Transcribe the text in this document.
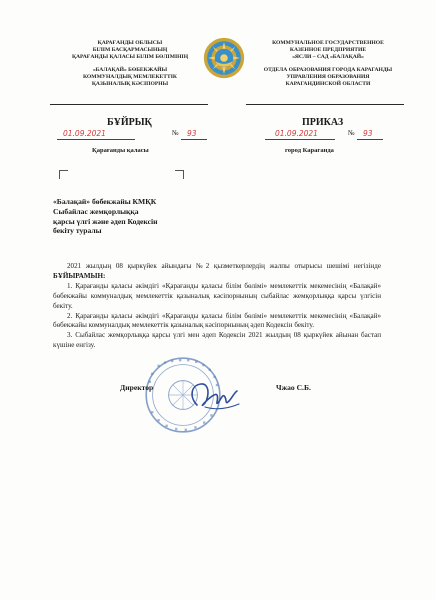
ҚАРАҒАНДЫ ОБЛЫСЫ
БІЛІМ БАСҚАРМАСЫНЫҢ
ҚАРАҒАНДЫ ҚАЛАСЫ БІЛІМ БӨЛІМІНІҢ
«БАЛАҚАЙ» БӨБЕКЖАЙЫ
КОММУНАЛДЫҚ МЕМЛЕКЕТТІК
ҚАЗЫНАЛЫҚ КӘСІПОРНЫ
КОММУНАЛЬНОЕ ГОСУДАРСТВЕННОЕ
КАЗЕННОЕ ПРЕДПРИЯТИЕ
«ЯСЛИ – САД «БАЛАҚАЙ»
ОТДЕЛА ОБРАЗОВАНИЯ ГОРОДА КАРАГАНДЫ
УПРАВЛЕНИЯ ОБРАЗОВАНИЯ
КАРАГАНДИНСКОЙ ОБЛАСТИ
БҰЙРЫҚ	ПРИКАЗ
01.09.2021	№ 93	01.09.2021	№ 93
Қарағанды қаласы	город Караганда
«Балақай» бөбекжайы КМҚК
Сыбайлас жемқорлыққа
қарсы үлгі және әдеп Кодексін
бекіту туралы

2021 жылдың 08 қыркүйек айындағы №2 қызметкерлердің жалпы отырысы шешімі негізінде БҰЙЫРАМЫН:

1. Қарағанды қаласы әкімдігі «Қарағанды қаласы білім бөлімі» мемлекеттік мекемесінің «Балақай» бөбекжайы коммуналдық мемлекеттік қазыналық кәсіпорнының сыбайлас жемқорлыққа қарсы үлгісін бекіту.

2. Қарағанды қаласы әкімдігі «Қарағанды қаласы білім бөлімі» мемлекеттік мекемесінің «Балақай» бөбекжайы коммуналдық мемлекеттік қазыналық кәсіпорнының әдеп Кодексін бекіту.

3. Сыбайлас жемқорлыққа қарсы үлгі мен әдеп Кодексін 2021 жылдың 08 қыркүйек айынан бастап күшіне енгізу.

Директор	Чжао С.Б.
